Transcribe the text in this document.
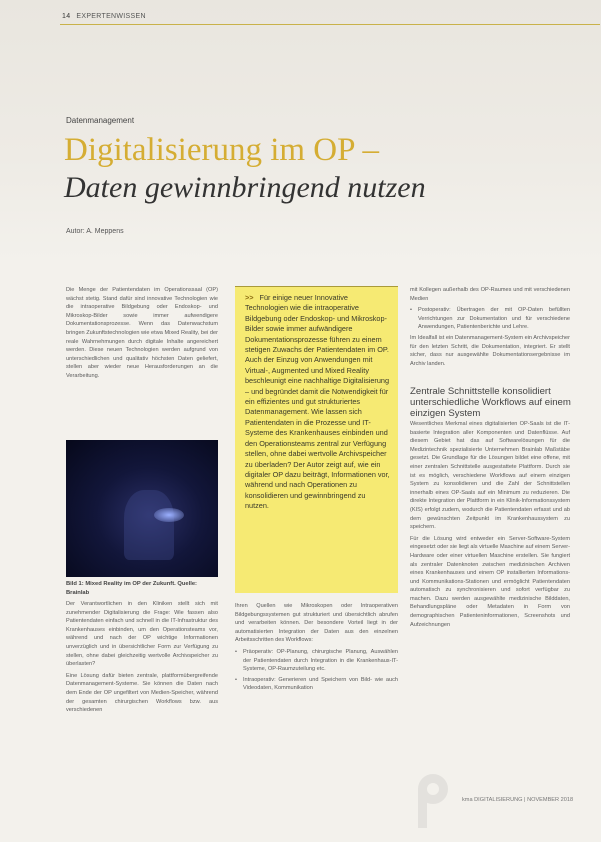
14 EXPERTENWISSEN
Datenmanagement
Digitalisierung im OP –
Daten gewinnbringend nutzen
Autor: A. Meppens

Die Menge der Patientendaten im Operationssaal (OP) wächst stetig. Stand dafür sind innovative Technologien wie die intraoperative Bildgebung oder Endoskop- und Mikroskop-Bilder sowie immer aufwendigere Dokumentationsprozesse. Wenn das Datenwachstum bringen Zukunftstechnologien wie etwa Mixed Reality, bei der reale Wahrnehmungen durch digitale Inhalte angereichert werden. Diese neuen Technologien werden aufgrund von unterschiedlichen und qualitativ höchsten Daten geliefert, stellen aber wieder neue Herausforderungen an die Verarbeitung.

Bild 1: Mixed Reality im OP der Zukunft. Quelle: Brainlab

Der Verantwortlichen in den Kliniken stellt sich mit zunehmender Digitalisierung die Frage: Wie fassen also Patientendaten einfach und schnell in die IT-Infrastruktur des Krankenhauses einbinden, um den Operationsteams vor, während und nach der OP wichtige Informationen unverzüglich und in übersichtlicher Form zur Verfügung zu stellen, ohne dabei gleichzeitig wertvolle Archivspeicher zu überlasten?

Eine Lösung dafür bieten zentrale, plattformübergreifende Datenmanagement-Systeme. Sie können die Daten nach dem Ende der OP ungefiltert von Medien-Speicher, während der gesamten chirurgischen Workflows bzw. aus verschiedenen

>> Für einige neuer Innovative Technologien wie die intraoperative Bildgebung oder Endoskop- und Mikroskop-Bilder sowie immer aufwändigere Dokumentationsprozesse führen zu einem stetigen Zuwachs der Patientendaten im OP. Auch der Einzug von Anwendungen mit Virtual-, Augmented und Mixed Reality beschleunigt eine nachhaltige Digitalisierung – und begründet damit die Notwendigkeit für ein effizientes und gut strukturiertes Datenmanagement. Wie lassen sich Patientendaten in die Prozesse und IT-Systeme des Krankenhauses einbinden und den Operationsteams zentral zur Verfügung stellen, ohne dabei wertvolle Archivspeicher zu überladen? Der Autor zeigt auf, wie ein digitaler OP dazu beiträgt, Informationen vor, während und nach Operationen zu konsolidieren und gewinnbringend zu nutzen.

Ihren Quellen wie Mikroskopen oder Intraoperativen Bildgebungssystemen gut strukturiert und übersichtlich abrufen und verarbeiten können. Der besondere Vorteil liegt in der automatisierten Integration der Daten aus den einzelnen Arbeitsschritten des Workflows:

• Präoperativ: OP-Planung, chirurgische Planung, Auswählen der Patientendaten durch Integration in die Krankenhaus-IT-Systeme, OP-Raumzuteilung etc.
• Intraoperativ: Generieren und Speichern von Bild- wie auch Videodaten, Kommunikation

mit Kollegen außerhalb des OP-Raumes und mit verschiedenen Medien

• Postoperativ: Übertragen der mit OP-Daten befüllten Verrichtungen zur Dokumentation und für verschiedene Anwendungen, Patientenberichte und Lehre.

Im Idealfall ist ein Datenmanagement-System ein Archivspeicher für den letzten Schritt, die Dokumentation, integriert. Er stellt sicher, dass nur ausgewählte Dokumentationsergebnisse im Archiv landen.

Zentrale Schnittstelle konsolidiert unterschiedliche Workflows auf einem einzigen System

Wesentliches Merkmal eines digitalisierten OP-Saals ist die IT-basierte Integration aller Komponenten und Datenflüsse. Auf diesem Gebiet hat das auf Softwarelösungen für die Medizintechnik spezialisierte Unternehmen Brainlab Maßstäbe gesetzt. Die Grundlage für die Lösungen bildet eine offene, mit einer zentralen Schnittstelle ausgestattete Plattform. Durch sie ist es möglich, verschiedene Workflows auf einem einzigen System zu konsolidieren und die Zahl der Schnittstellen innerhalb eines OP-Saals auf ein Minimum zu reduzieren. Die direkte Integration der Plattform in ein Klinik-Informationssystem (KIS) erfolgt zudem, wodurch die Patientendaten erfasst und ab dem gewünschten Zeitpunkt im Krankenhaussystem zu speichern.

Für die Lösung wird entweder ein Server-Software-System eingesetzt oder sie liegt als virtuelle Maschine auf einem Server-Hardware oder einer virtuellen Maschine erstellen. Sie fungiert als zentraler Datenknoten zwischen medizinischen Archiven eines Krankenhauses und einem OP installierten Informations- und Kommunikations-Stationen und ermöglicht Patientendaten automatisch zu synchronisieren und sofort verfügbar zu machen. Dazu werden ausgewählte medizinische Bilddaten, Behandlungspläne oder Metadaten in Form von demographischen Patienteninformationen, Screenshots und Aufzeichnungen

kma DIGITALISIERUNG | NOVEMBER 2018
